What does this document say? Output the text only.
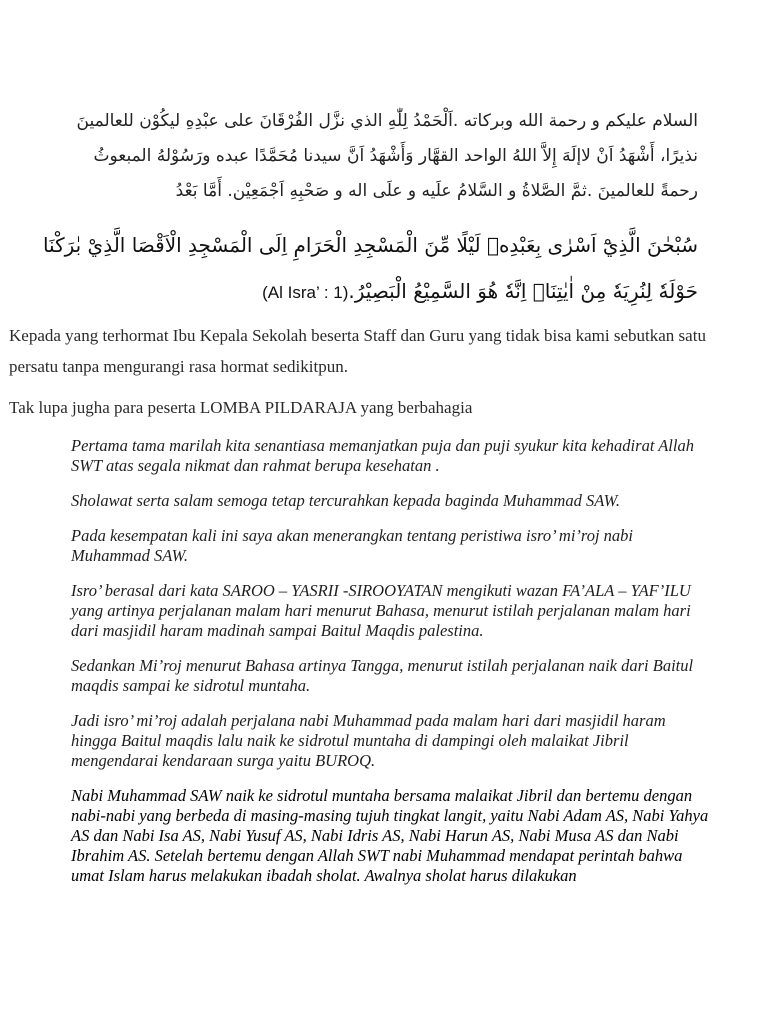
السلام عليكم و رحمة الله وبركاته .اَلْحَمْدُ لِلّٰهِ الذي نزَّل الفُرْقَانَ على عبْدِهِ ليكُوْن للعالمينَ
نذيرًا، أَشْهَدُ اَنْ لاإلَهَ إِلاَّ اللهُ الواحد القهَّار وَأَشْهَدُ اَنَّ سيدنا مُحَمَّدًا عبده ورَسُوْلهُ المبعوثُ
رحمةً للعالمينَ .ثمَّ الصَّلاةُ و السَّلامُ علَيه و علَى اله و صَحْبِهِ اَجْمَعِيْن. أَمَّا بَعْدُ
سُبْحٰنَ الَّذِيْٓ اَسْرٰى بِعَبْدِهٖ لَيْلًا مِّنَ الْمَسْجِدِ الْحَرَامِ اِلَى الْمَسْجِدِ الْاَقْصَا الَّذِيْ بٰرَكْنَا
حَوْلَهٗ لِنُرِيَهٗ مِنْ اٰيٰتِنَاۗ اِنَّهٗ هُوَ السَّمِيْعُ الْبَصِيْرُ.(Al Isra’ : 1)

Kepada yang terhormat Ibu Kepala Sekolah beserta Staff dan Guru yang tidak bisa kami sebutkan satu persatu tanpa mengurangi rasa hormat sedikitpun.

Tak lupa jugha para peserta LOMBA PILDARAJA yang berbahagia

Pertama tama marilah kita senantiasa memanjatkan puja dan puji syukur kita kehadirat Allah SWT atas segala nikmat dan rahmat berupa kesehatan .

Sholawat serta salam semoga tetap tercurahkan kepada baginda Muhammad SAW.

Pada kesempatan kali ini saya akan menerangkan tentang peristiwa isro’ mi’roj nabi Muhammad SAW.

Isro’ berasal dari kata SAROO – YASRII -SIROOYATAN mengikuti wazan FA’ALA – YAF’ILU yang artinya perjalanan malam hari menurut Bahasa, menurut istilah perjalanan malam hari dari masjidil haram madinah sampai Baitul Maqdis palestina.

Sedankan Mi’roj menurut Bahasa artinya Tangga, menurut istilah perjalanan naik dari Baitul maqdis sampai ke sidrotul muntaha.

Jadi isro’ mi’roj adalah perjalana nabi Muhammad pada malam hari dari masjidil haram hingga Baitul maqdis lalu naik ke sidrotul muntaha di dampingi oleh malaikat Jibril mengendarai kendaraan surga yaitu BUROQ.

Nabi Muhammad SAW naik ke sidrotul muntaha bersama malaikat Jibril dan bertemu dengan nabi-nabi yang berbeda di masing-masing tujuh tingkat langit, yaitu Nabi Adam AS, Nabi Yahya AS dan Nabi Isa AS, Nabi Yusuf AS, Nabi Idris AS, Nabi Harun AS, Nabi Musa AS dan Nabi Ibrahim AS. Setelah bertemu dengan Allah SWT nabi Muhammad mendapat perintah bahwa umat Islam harus melakukan ibadah sholat. Awalnya sholat harus dilakukan
